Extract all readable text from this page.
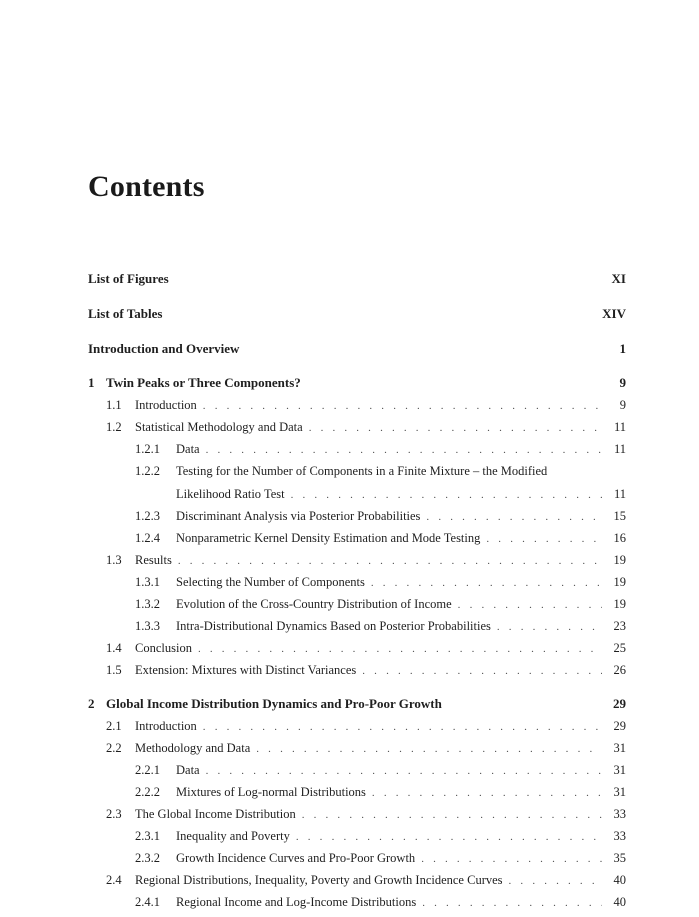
Contents
List of Figures	XI
List of Tables	XIV
Introduction and Overview	1
1 Twin Peaks or Three Components?	9
1.1	Introduction . . .	9
1.2	Statistical Methodology and Data . . .	11
1.2.1	Data . . .	11
1.2.2	Testing for the Number of Components in a Finite Mixture – the Modified
Likelihood Ratio Test . . .	11
1.2.3	Discriminant Analysis via Posterior Probabilities . . .	15
1.2.4	Nonparametric Kernel Density Estimation and Mode Testing . . .	16
1.3	Results . . .	19
1.3.1	Selecting the Number of Components . . .	19
1.3.2	Evolution of the Cross-Country Distribution of Income . . .	19
1.3.3	Intra-Distributional Dynamics Based on Posterior Probabilities . . .	23
1.4	Conclusion . . .	25
1.5	Extension: Mixtures with Distinct Variances . . .	26
2 Global Income Distribution Dynamics and Pro-Poor Growth	29
2.1	Introduction . . .	29
2.2	Methodology and Data . . .	31
2.2.1	Data . . .	31
2.2.2	Mixtures of Log-normal Distributions . . .	31
2.3	The Global Income Distribution . . .	33
2.3.1	Inequality and Poverty . . .	33
2.3.2	Growth Incidence Curves and Pro-Poor Growth . . .	35
2.4	Regional Distributions, Inequality, Poverty and Growth Incidence Curves . . .	40
2.4.1	Regional Income and Log-Income Distributions . . .	40
